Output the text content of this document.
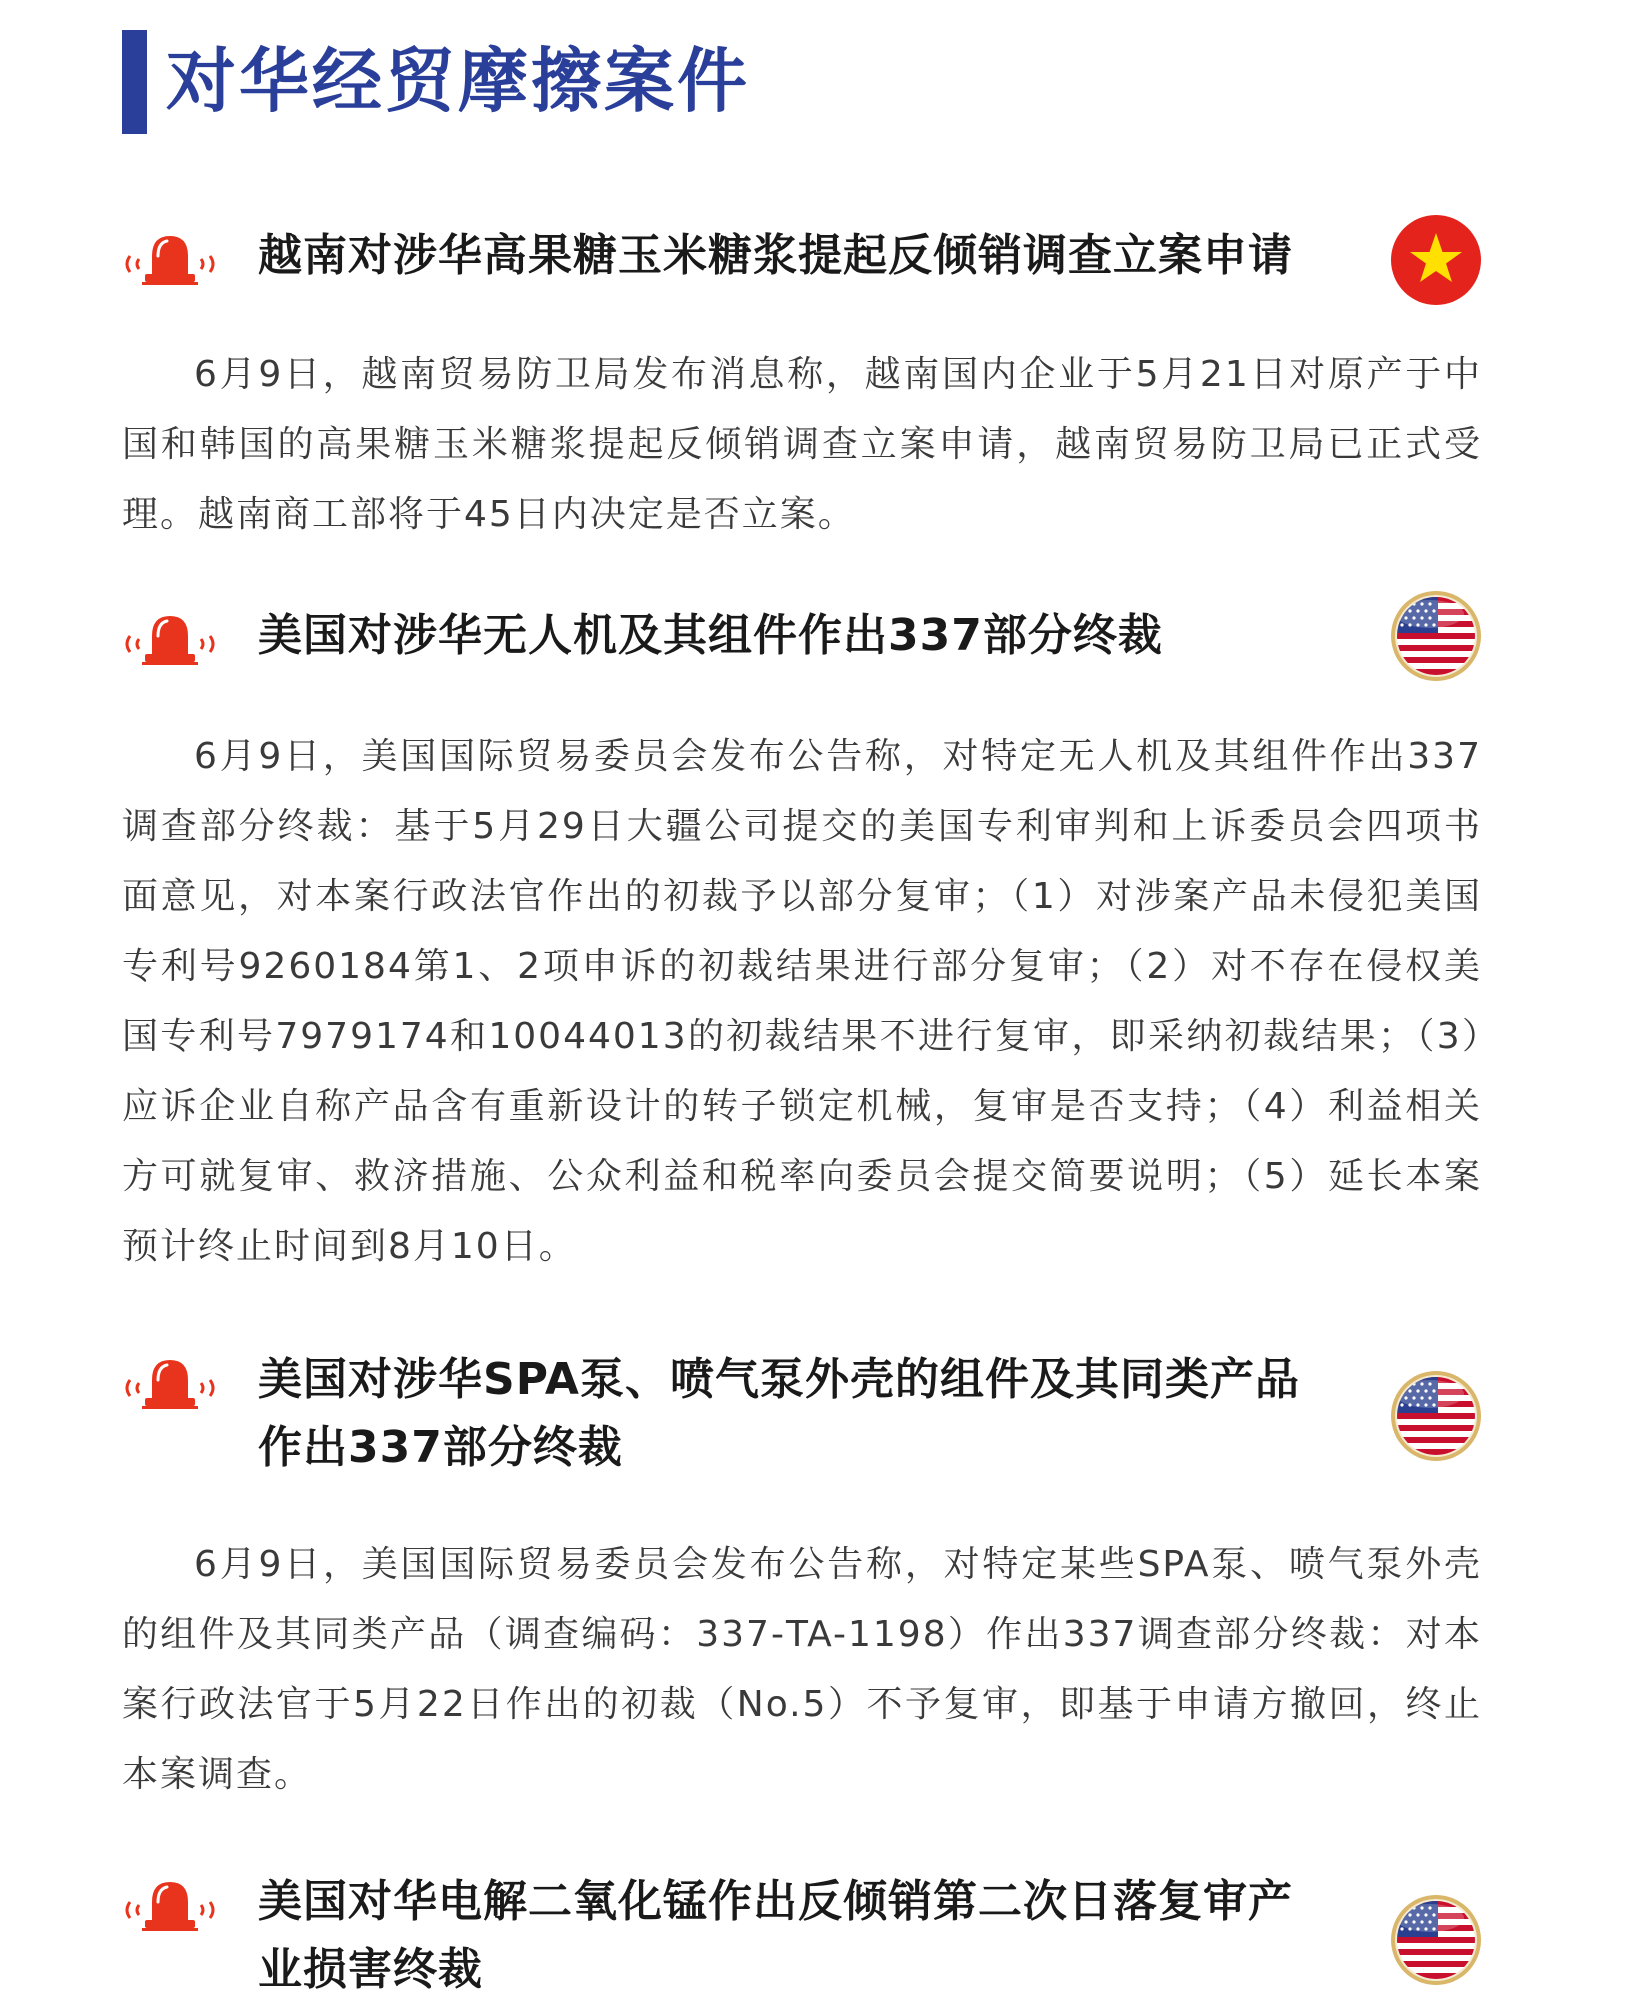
对华经贸摩擦案件
越南对涉华高果糖玉米糖浆提起反倾销调查立案申请

6月9日，越南贸易防卫局发布消息称，越南国内企业于5月21日对原产于中国和韩国的高果糖玉米糖浆提起反倾销调查立案申请，越南贸易防卫局已正式受理。越南商工部将于45日内决定是否立案。

美国对涉华无人机及其组件作出337部分终裁

6月9日，美国国际贸易委员会发布公告称，对特定无人机及其组件作出337调查部分终裁：基于5月29日大疆公司提交的美国专利审判和上诉委员会四项书面意见，对本案行政法官作出的初裁予以部分复审；（1）对涉案产品未侵犯美国专利号9260184第1、2项申诉的初裁结果进行部分复审；（2）对不存在侵权美国专利号7979174和10044013的初裁结果不进行复审，即采纳初裁结果；（3）应诉企业自称产品含有重新设计的转子锁定机械，复审是否支持；（4）利益相关方可就复审、救济措施、公众利益和税率向委员会提交简要说明；（5）延长本案预计终止时间到8月10日。

美国对涉华SPA泵、喷气泵外壳的组件及其同类产品作出337部分终裁

6月9日，美国国际贸易委员会发布公告称，对特定某些SPA泵、喷气泵外壳的组件及其同类产品（调查编码：337-TA-1198）作出337调查部分终裁：对本案行政法官于5月22日作出的初裁（No.5）不予复审，即基于申请方撤回，终止本案调查。

美国对华电解二氧化锰作出反倾销第二次日落复审产业损害终裁
